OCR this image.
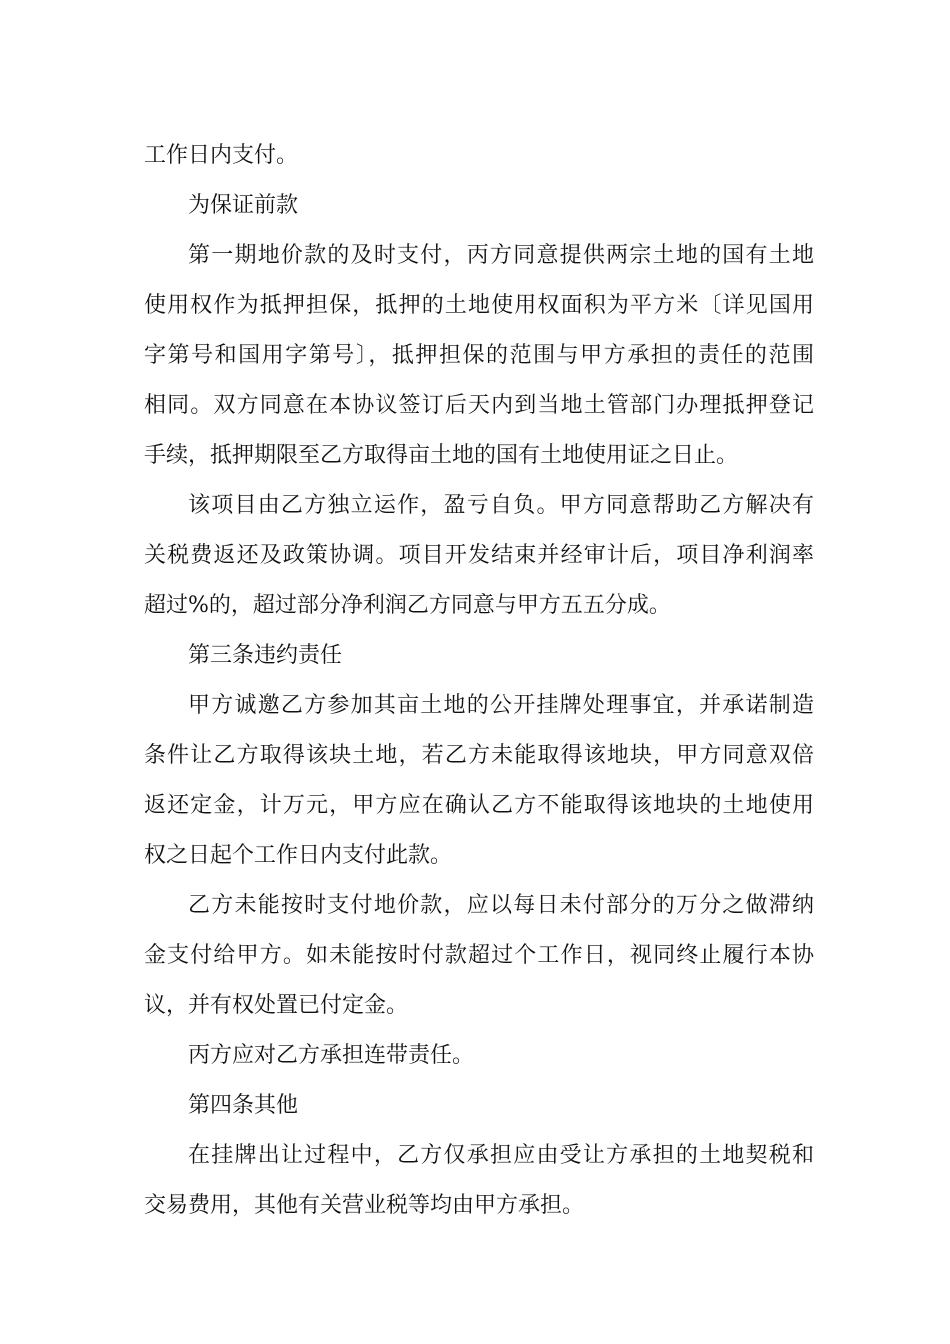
工作日内支付。
为保证前款
第一期地价款的及时支付，丙方同意提供两宗土地的国有土地
使用权作为抵押担保，抵押的土地使用权面积为平方米〔详见国用
字第号和国用字第号〕，抵押担保的范围与甲方承担的责任的范围
相同。双方同意在本协议签订后天内到当地土管部门办理抵押登记
手续，抵押期限至乙方取得亩土地的国有土地使用证之日止。
该项目由乙方独立运作，盈亏自负。甲方同意帮助乙方解决有
关税费返还及政策协调。项目开发结束并经审计后，项目净利润率
超过%的，超过部分净利润乙方同意与甲方五五分成。
第三条违约责任
甲方诚邀乙方参加其亩土地的公开挂牌处理事宜，并承诺制造
条件让乙方取得该块土地，若乙方未能取得该地块，甲方同意双倍
返还定金，计万元，甲方应在确认乙方不能取得该地块的土地使用
权之日起个工作日内支付此款。
乙方未能按时支付地价款，应以每日未付部分的万分之做滞纳
金支付给甲方。如未能按时付款超过个工作日，视同终止履行本协
议，并有权处置已付定金。
丙方应对乙方承担连带责任。
第四条其他
在挂牌出让过程中，乙方仅承担应由受让方承担的土地契税和
交易费用，其他有关营业税等均由甲方承担。
